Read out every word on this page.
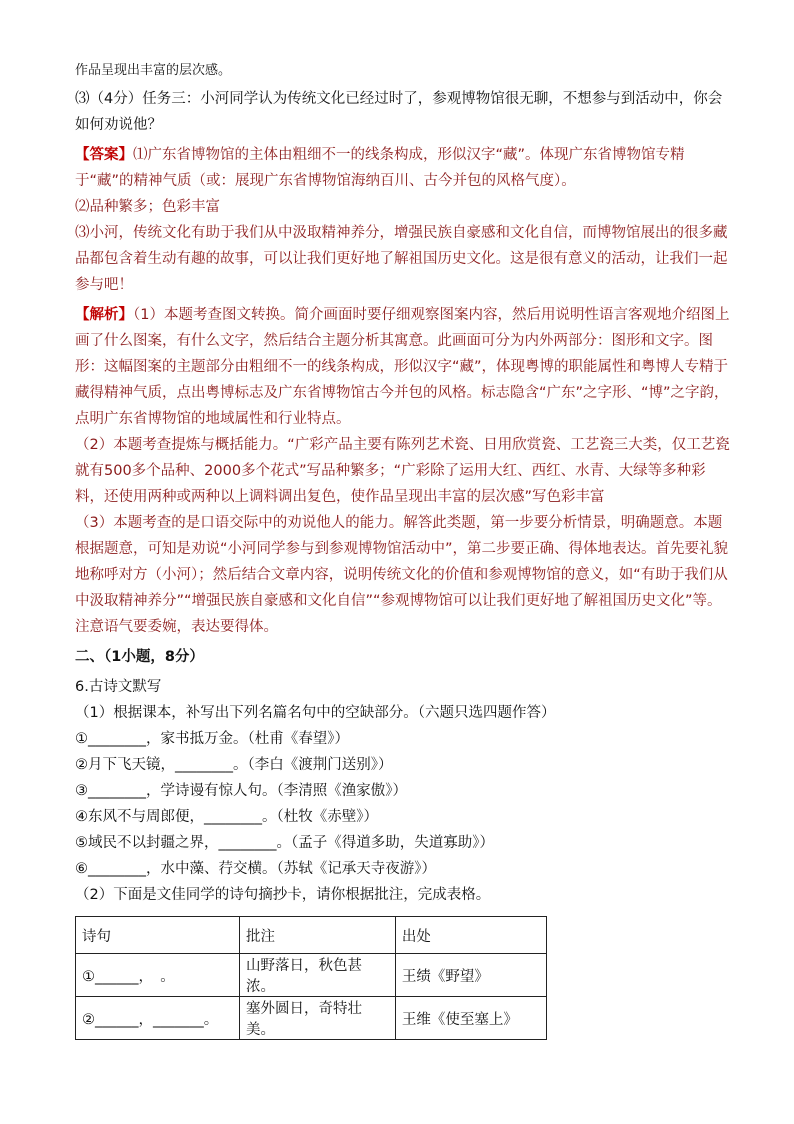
作品呈现出丰富的层次感。

⑶（4分）任务三：小河同学认为传统文化已经过时了，参观博物馆很无聊，不想参与到活动中，你会如何劝说他？

【答案】⑴广东省博物馆的主体由粗细不一的线条构成，形似汉字“藏”。体现广东省博物馆专精于“藏”的精神气质（或：展现广东省博物馆海纳百川、古今并包的风格气度）。

⑵品种繁多；色彩丰富

⑶小河，传统文化有助于我们从中汲取精神养分，增强民族自豪感和文化自信，而博物馆展出的很多藏品都包含着生动有趣的故事，可以让我们更好地了解祖国历史文化。这是很有意义的活动，让我们一起参与吧！

【解析】（1）本题考查图文转换。简介画面时要仔细观察图案内容，然后用说明性语言客观地介绍图上画了什么图案，有什么文字，然后结合主题分析其寓意。此画面可分为内外两部分：图形和文字。图形：这幅图案的主题部分由粗细不一的线条构成，形似汉字“藏”，体现粤博的职能属性和粤博人专精于藏得精神气质，点出粤博标志及广东省博物馆古今并包的风格。标志隐含“广东”之字形、“博”之字韵，点明广东省博物馆的地域属性和行业特点。

（2）本题考查提炼与概括能力。“广彩产品主要有陈列艺术瓷、日用欣赏瓷、工艺瓷三大类，仅工艺瓷就有500多个品种、2000多个花式”写品种繁多；“广彩除了运用大红、西红、水青、大绿等多种彩料，还使用两种或两种以上调料调出复色，使作品呈现出丰富的层次感”写色彩丰富

（3）本题考查的是口语交际中的劝说他人的能力。解答此类题，第一步要分析情景，明确题意。本题根据题意，可知是劝说“小河同学参与到参观博物馆活动中”，第二步要正确、得体地表达。首先要礼貌地称呼对方（小河）；然后结合文章内容，说明传统文化的价值和参观博物馆的意义，如“有助于我们从中汲取精神养分”“增强民族自豪感和文化自信”“参观博物馆可以让我们更好地了解祖国历史文化”等。注意语气要委婉，表达要得体。

二、（1小题，8分）

6.古诗文默写

（1）根据课本，补写出下列名篇名句中的空缺部分。（六题只选四题作答）

①________，家书抵万金。（杜甫《春望》）

②月下飞天镜，________。（李白《渡荆门送别》）

③________，学诗谩有惊人句。（李清照《渔家傲》）

④东风不与周郎便，________。（杜牧《赤壁》）

⑤域民不以封疆之界，________。（孟子《得道多助，失道寡助》）

⑥________，水中藻、荇交横。（苏轼《记承天寺夜游》）

（2）下面是文佳同学的诗句摘抄卡，请你根据批注，完成表格。

诗句	批注	出处
①______，　。	山野落日，秋色甚浓。	王绩《野望》
②______，_______。	塞外圆日，奇特壮美。	王维《使至塞上》
